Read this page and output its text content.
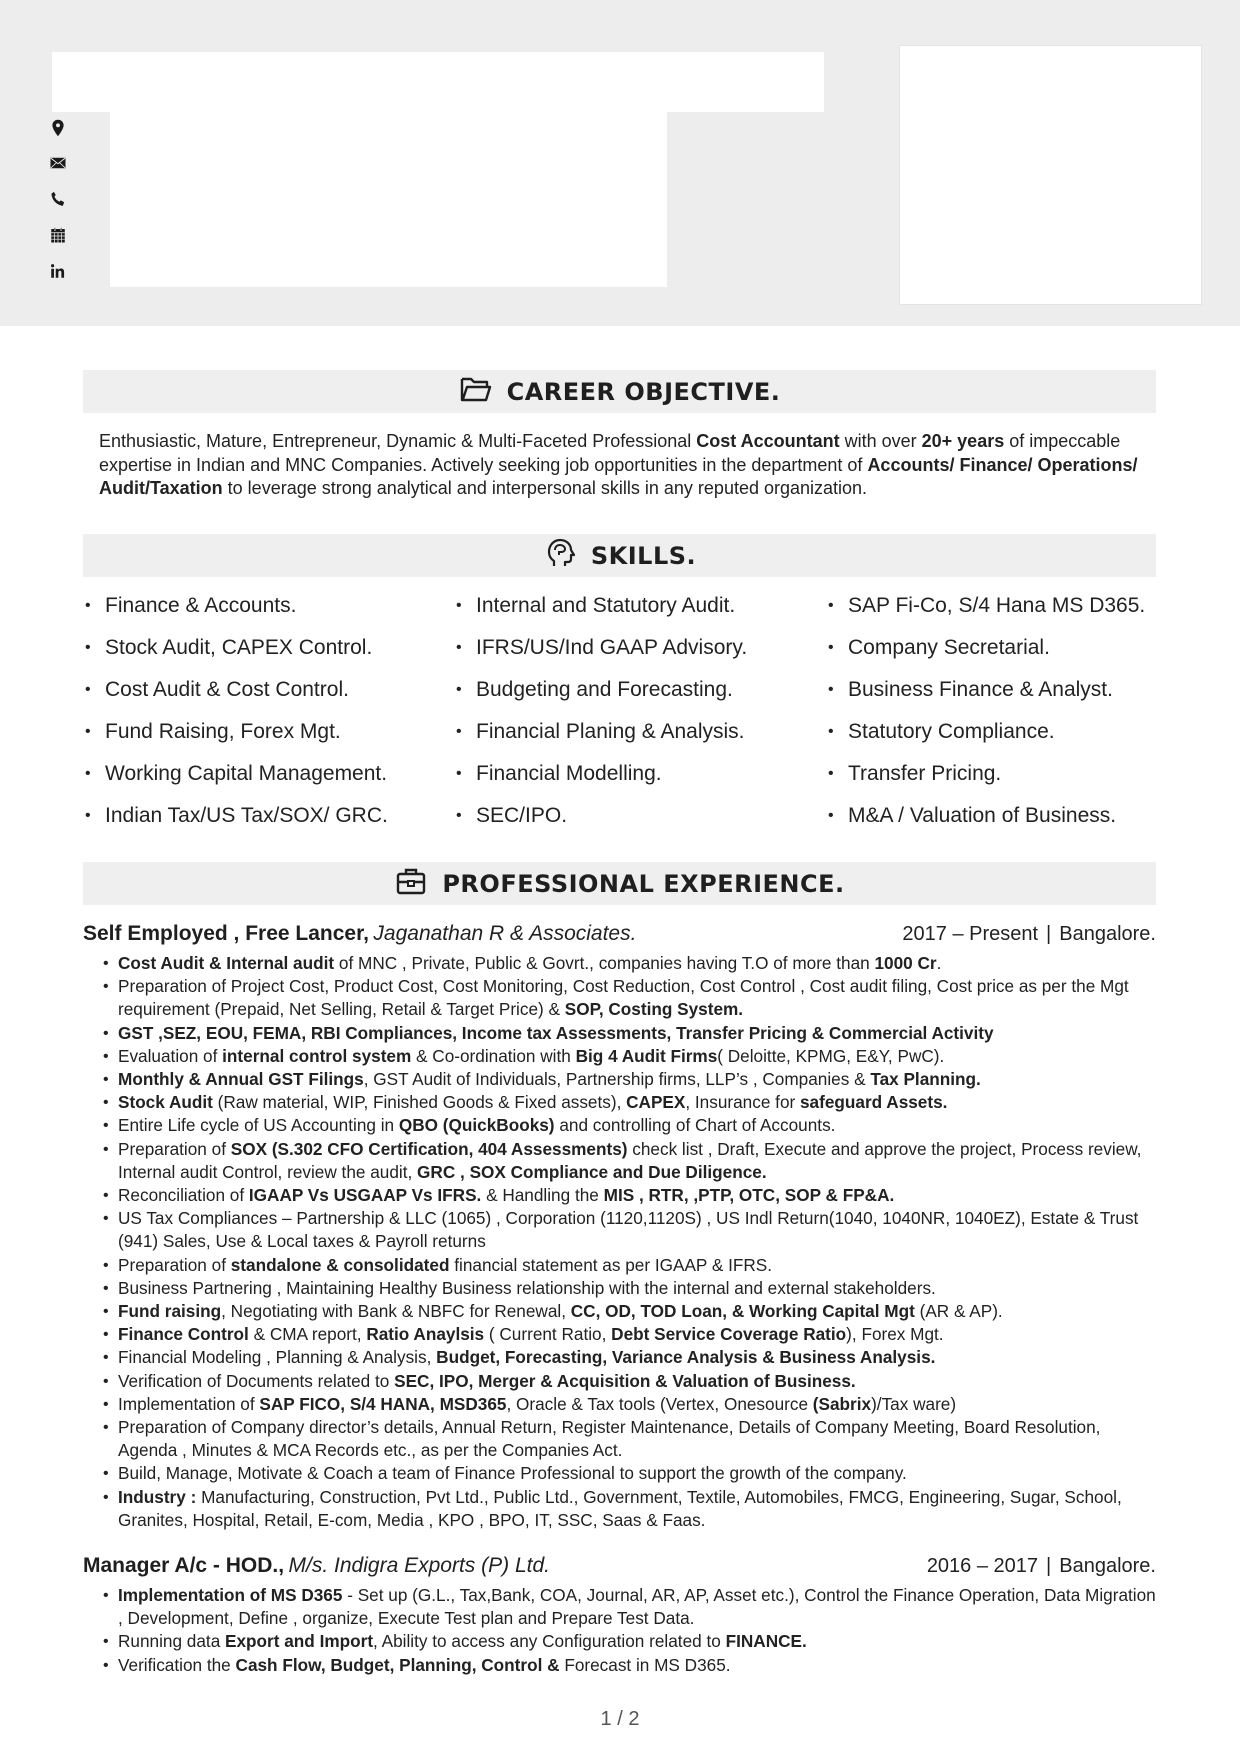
CAREER OBJECTIVE.
Enthusiastic, Mature, Entrepreneur, Dynamic & Multi-Faceted Professional Cost Accountant with over 20+ years of impeccable expertise in Indian and MNC Companies. Actively seeking job opportunities in the department of Accounts/ Finance/ Operations/ Audit/Taxation to leverage strong analytical and interpersonal skills in any reputed organization.
SKILLS.
• Finance & Accounts.
• Stock Audit, CAPEX Control.
• Cost Audit & Cost Control.
• Fund Raising, Forex Mgt.
• Working Capital Management.
• Indian Tax/US Tax/SOX/ GRC.
• Internal and Statutory Audit.
• IFRS/US/Ind GAAP Advisory.
• Budgeting and Forecasting.
• Financial Planing & Analysis.
• Financial Modelling.
• SEC/IPO.
• SAP Fi-Co, S/4 Hana MS D365.
• Company Secretarial.
• Business Finance & Analyst.
• Statutory Compliance.
• Transfer Pricing.
• M&A / Valuation of Business.
PROFESSIONAL EXPERIENCE.
Self Employed , Free Lancer, Jaganathan R & Associates.	2017 – Present | Bangalore.
• Cost Audit & Internal audit of MNC , Private, Public & Govrt., companies having T.O of more than 1000 Cr.
• Preparation of Project Cost, Product Cost, Cost Monitoring, Cost Reduction, Cost Control , Cost audit filing, Cost price as per the Mgt requirement (Prepaid, Net Selling, Retail & Target Price) & SOP, Costing System.
• GST ,SEZ, EOU, FEMA, RBI Compliances, Income tax Assessments, Transfer Pricing & Commercial Activity
• Evaluation of internal control system & Co-ordination with Big 4 Audit Firms( Deloitte, KPMG, E&Y, PwC).
• Monthly & Annual GST Filings, GST Audit of Individuals, Partnership firms, LLP’s , Companies & Tax Planning.
• Stock Audit (Raw material, WIP, Finished Goods & Fixed assets), CAPEX, Insurance for safeguard Assets.
• Entire Life cycle of US Accounting in QBO (QuickBooks) and controlling of Chart of Accounts.
• Preparation of SOX (S.302 CFO Certification, 404 Assessments) check list , Draft, Execute and approve the project, Process review, Internal audit Control, review the audit, GRC , SOX Compliance and Due Diligence.
• Reconciliation of IGAAP Vs USGAAP Vs IFRS. & Handling the MIS , RTR, ,PTP, OTC, SOP & FP&A.
• US Tax Compliances – Partnership & LLC (1065) , Corporation (1120,1120S) , US Indl Return(1040, 1040NR, 1040EZ), Estate & Trust (941) Sales, Use & Local taxes & Payroll returns
• Preparation of standalone & consolidated financial statement as per IGAAP & IFRS.
• Business Partnering , Maintaining Healthy Business relationship with the internal and external stakeholders.
• Fund raising, Negotiating with Bank & NBFC for Renewal, CC, OD, TOD Loan, & Working Capital Mgt (AR & AP).
• Finance Control & CMA report, Ratio Anaylsis ( Current Ratio, Debt Service Coverage Ratio), Forex Mgt.
• Financial Modeling , Planning & Analysis, Budget, Forecasting, Variance Analysis & Business Analysis.
• Verification of Documents related to SEC, IPO, Merger & Acquisition & Valuation of Business.
• Implementation of SAP FICO, S/4 HANA, MSD365, Oracle & Tax tools (Vertex, Onesource (Sabrix)/Tax ware)
• Preparation of Company director’s details, Annual Return, Register Maintenance, Details of Company Meeting, Board Resolution, Agenda , Minutes & MCA Records etc., as per the Companies Act.
• Build, Manage, Motivate & Coach a team of Finance Professional to support the growth of the company.
• Industry : Manufacturing, Construction, Pvt Ltd., Public Ltd., Government, Textile, Automobiles, FMCG, Engineering, Sugar, School, Granites, Hospital, Retail, E-com, Media , KPO , BPO, IT, SSC, Saas & Faas.
Manager A/c - HOD., M/s. Indigra Exports (P) Ltd.	2016 – 2017 | Bangalore.
• Implementation of MS D365 - Set up (G.L., Tax,Bank, COA, Journal, AR, AP, Asset etc.), Control the Finance Operation, Data Migration , Development, Define , organize, Execute Test plan and Prepare Test Data.
• Running data Export and Import, Ability to access any Configuration related to FINANCE.
• Verification the Cash Flow, Budget, Planning, Control & Forecast in MS D365.
1 / 2
